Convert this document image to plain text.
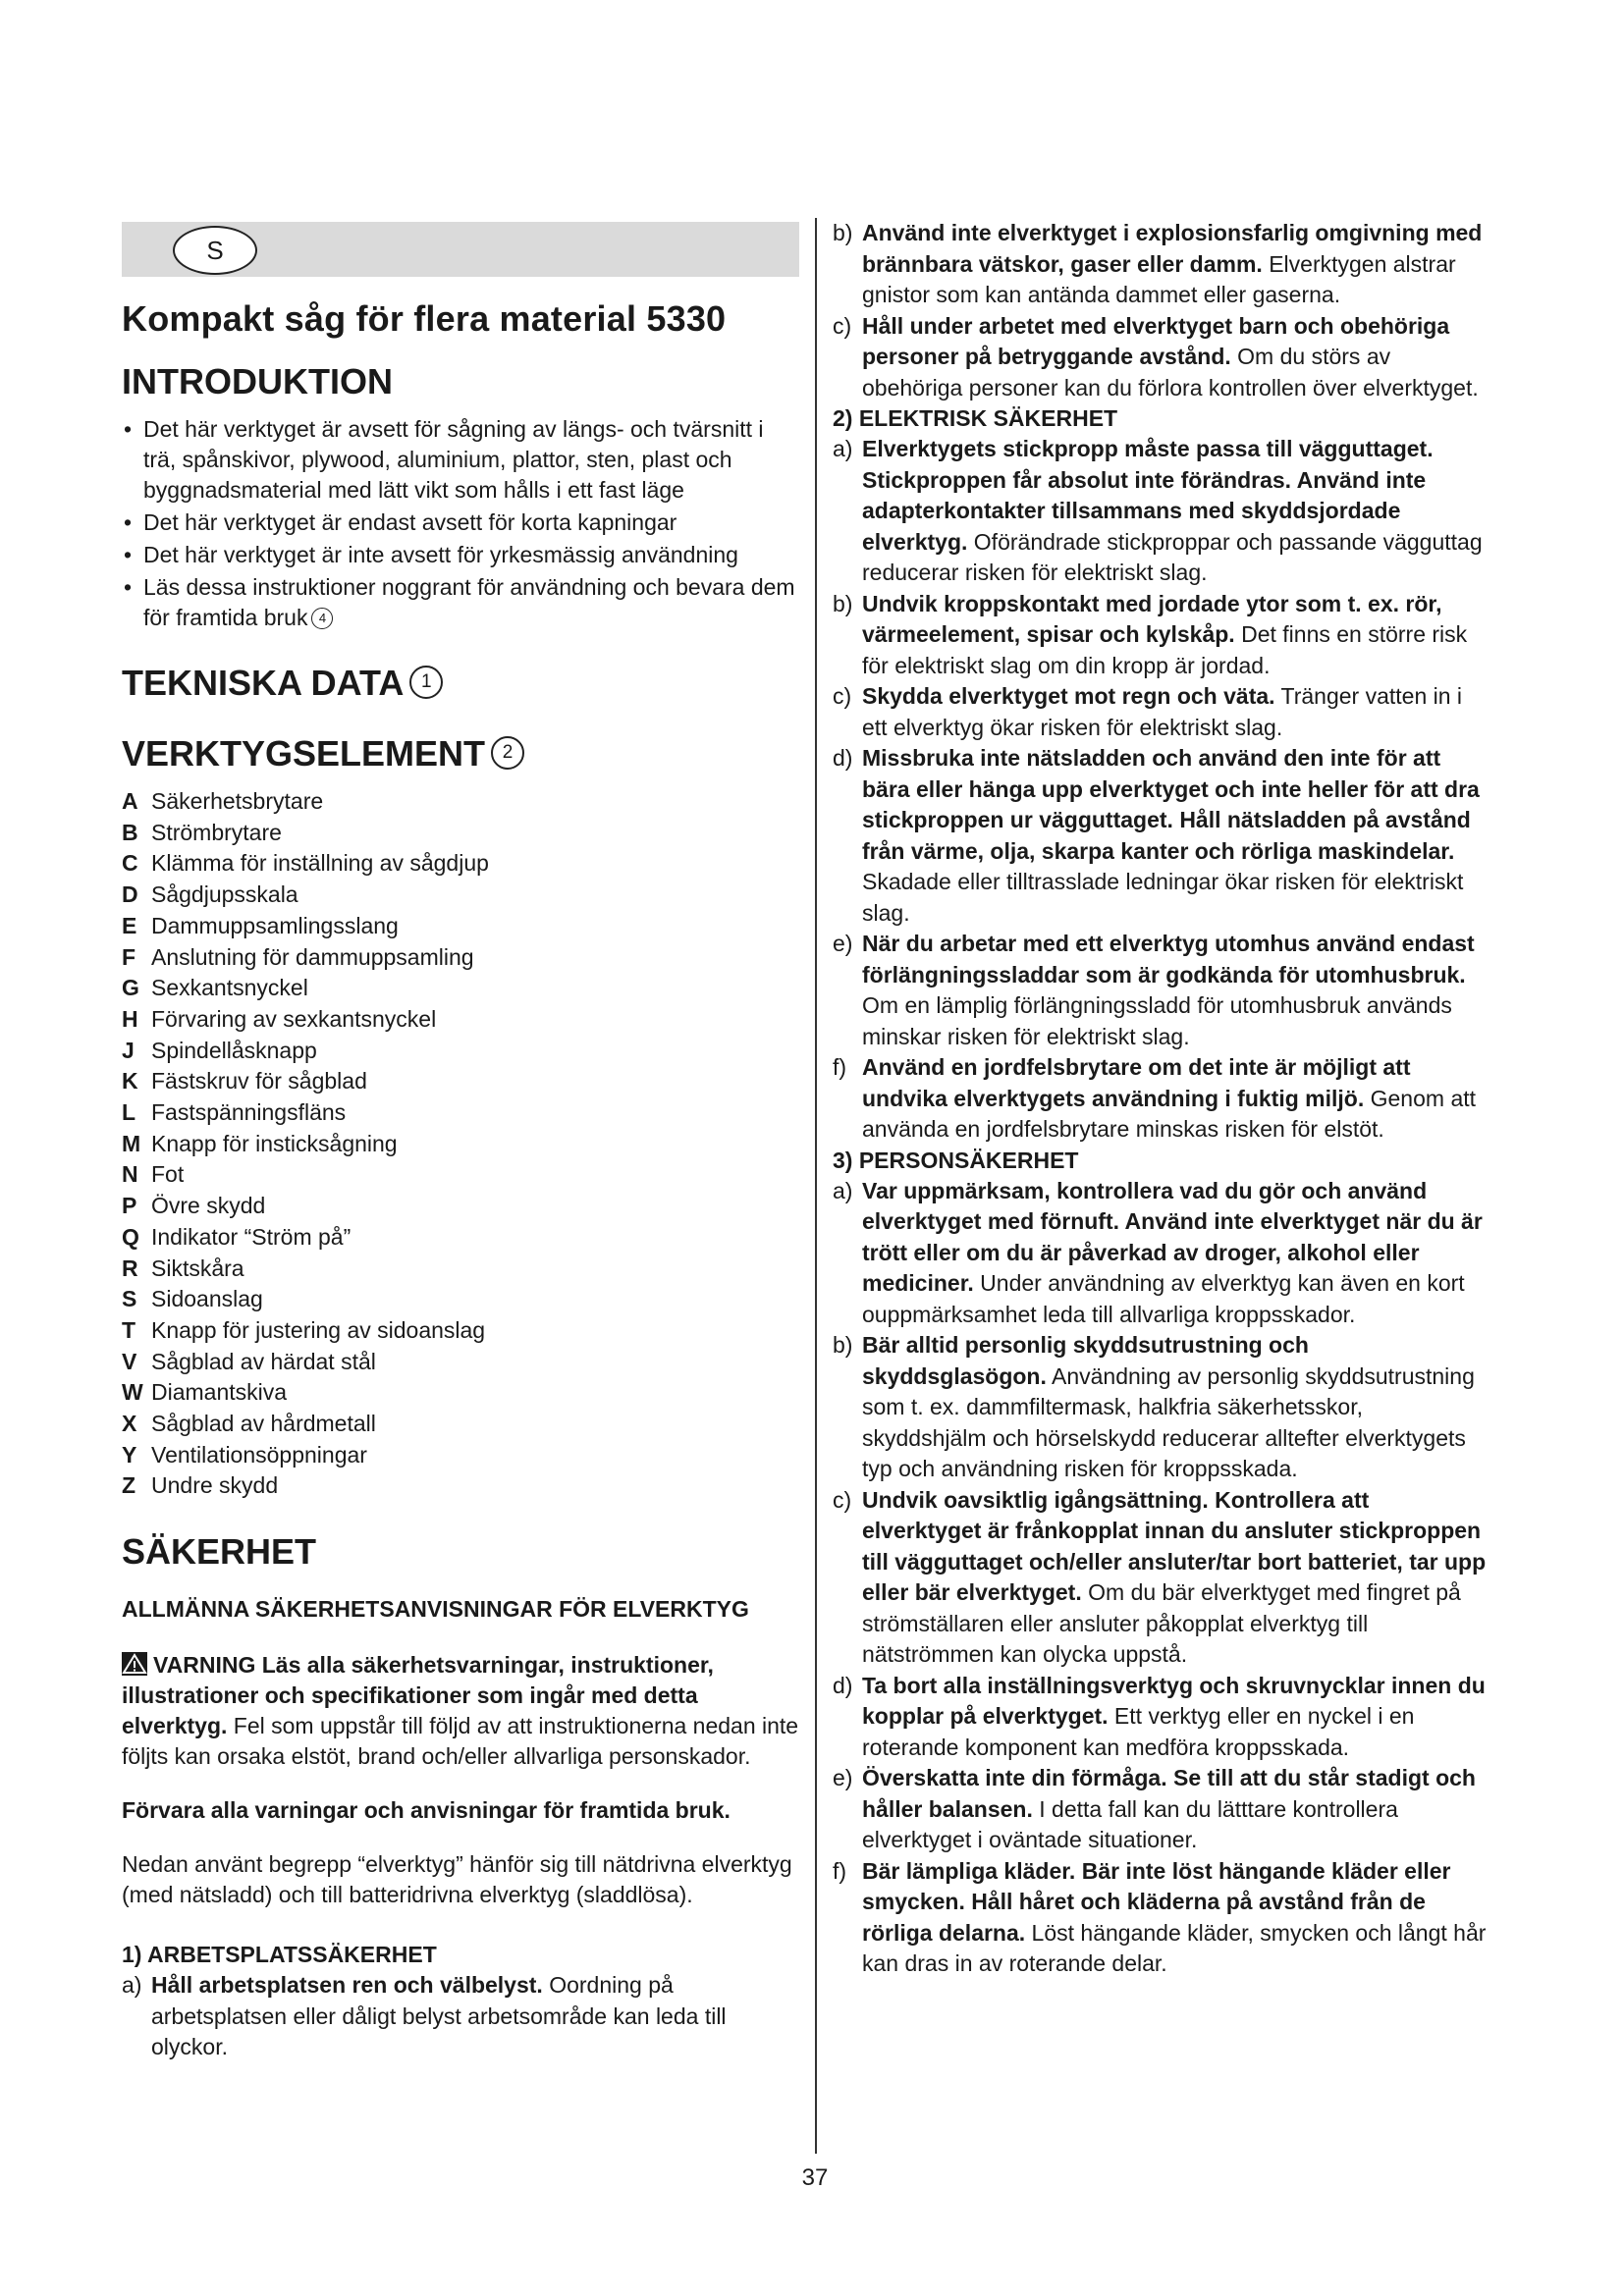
S
Kompakt såg för flera material 5330
INTRODUKTION
• Det här verktyget är avsett för sågning av längs- och tvärsnitt i trä, spånskivor, plywood, aluminium, plattor, sten, plast och byggnadsmaterial med lätt vikt som hålls i ett fast läge
• Det här verktyget är endast avsett för korta kapningar
• Det här verktyget är inte avsett för yrkesmässig användning
• Läs dessa instruktioner noggrant för användning och bevara dem för framtida bruk 4
TEKNISKA DATA 1
VERKTYGSELEMENT 2
A Säkerhetsbrytare
B Strömbrytare
C Klämma för inställning av sågdjup
D Sågdjupsskala
E Dammuppsamlingsslang
F Anslutning för dammuppsamling
G Sexkantsnyckel
H Förvaring av sexkantsnyckel
J Spindellåsknapp
K Fästskruv för sågblad
L Fastspänningsfläns
M Knapp för insticksågning
N Fot
P Övre skydd
Q Indikator “Ström på”
R Siktskåra
S Sidoanslag
T Knapp för justering av sidoanslag
V Sågblad av härdat stål
W Diamantskiva
X Sågblad av hårdmetall
Y Ventilationsöppningar
Z Undre skydd
SÄKERHET
ALLMÄNNA SÄKERHETSANVISNINGAR FÖR ELVERKTYG
VARNING Läs alla säkerhetsvarningar, instruktioner, illustrationer och specifikationer som ingår med detta elverktyg. Fel som uppstår till följd av att instruktionerna nedan inte följts kan orsaka elstöt, brand och/eller allvarliga personskador.
Förvara alla varningar och anvisningar för framtida bruk.
Nedan använt begrepp “elverktyg” hänför sig till nätdrivna elverktyg (med nätsladd) och till batteridrivna elverktyg (sladdlösa).
1) ARBETSPLATSSÄKERHET
a) Håll arbetsplatsen ren och välbelyst. Oordning på arbetsplatsen eller dåligt belyst arbetsområde kan leda till olyckor.
b) Använd inte elverktyget i explosionsfarlig omgivning med brännbara vätskor, gaser eller damm. Elverktygen alstrar gnistor som kan antända dammet eller gaserna.
c) Håll under arbetet med elverktyget barn och obehöriga personer på betryggande avstånd. Om du störs av obehöriga personer kan du förlora kontrollen över elverktyget.
2) ELEKTRISK SÄKERHET
a) Elverktygets stickpropp måste passa till vägguttaget. Stickproppen får absolut inte förändras. Använd inte adapterkontakter tillsammans med skyddsjordade elverktyg. Oförändrade stickproppar och passande vägguttag reducerar risken för elektriskt slag.
b) Undvik kroppskontakt med jordade ytor som t. ex. rör, värmeelement, spisar och kylskåp. Det finns en större risk för elektriskt slag om din kropp är jordad.
c) Skydda elverktyget mot regn och väta. Tränger vatten in i ett elverktyg ökar risken för elektriskt slag.
d) Missbruka inte nätsladden och använd den inte för att bära eller hänga upp elverktyget och inte heller för att dra stickproppen ur vägguttaget. Håll nätsladden på avstånd från värme, olja, skarpa kanter och rörliga maskindelar. Skadade eller tilltrasslade ledningar ökar risken för elektriskt slag.
e) När du arbetar med ett elverktyg utomhus använd endast förlängningssladdar som är godkända för utomhusbruk. Om en lämplig förlängningssladd för utomhusbruk används minskar risken för elektriskt slag.
f) Använd en jordfelsbrytare om det inte är möjligt att undvika elverktygets användning i fuktig miljö. Genom att använda en jordfelsbrytare minskas risken för elstöt.
3) PERSONSÄKERHET
a) Var uppmärksam, kontrollera vad du gör och använd elverktyget med förnuft. Använd inte elverktyget när du är trött eller om du är påverkad av droger, alkohol eller mediciner. Under användning av elverktyg kan även en kort ouppmärksamhet leda till allvarliga kroppsskador.
b) Bär alltid personlig skyddsutrustning och skyddsglasögon. Användning av personlig skyddsutrustning som t. ex. dammfiltermask, halkfria säkerhetsskor, skyddshjälm och hörselskydd reducerar alltefter elverktygets typ och användning risken för kroppsskada.
c) Undvik oavsiktlig igångsättning. Kontrollera att elverktyget är frånkopplat innan du ansluter stickproppen till vägguttaget och/eller ansluter/tar bort batteriet, tar upp eller bär elverktyget. Om du bär elverktyget med fingret på strömställaren eller ansluter påkopplat elverktyg till nätströmmen kan olycka uppstå.
d) Ta bort alla inställningsverktyg och skruvnycklar innen du kopplar på elverktyget. Ett verktyg eller en nyckel i en roterande komponent kan medföra kroppsskada.
e) Överskatta inte din förmåga. Se till att du står stadigt och håller balansen. I detta fall kan du lätttare kontrollera elverktyget i oväntade situationer.
f) Bär lämpliga kläder. Bär inte löst hängande kläder eller smycken. Håll håret och kläderna på avstånd från de rörliga delarna. Löst hängande kläder, smycken och långt hår kan dras in av roterande delar.
37
